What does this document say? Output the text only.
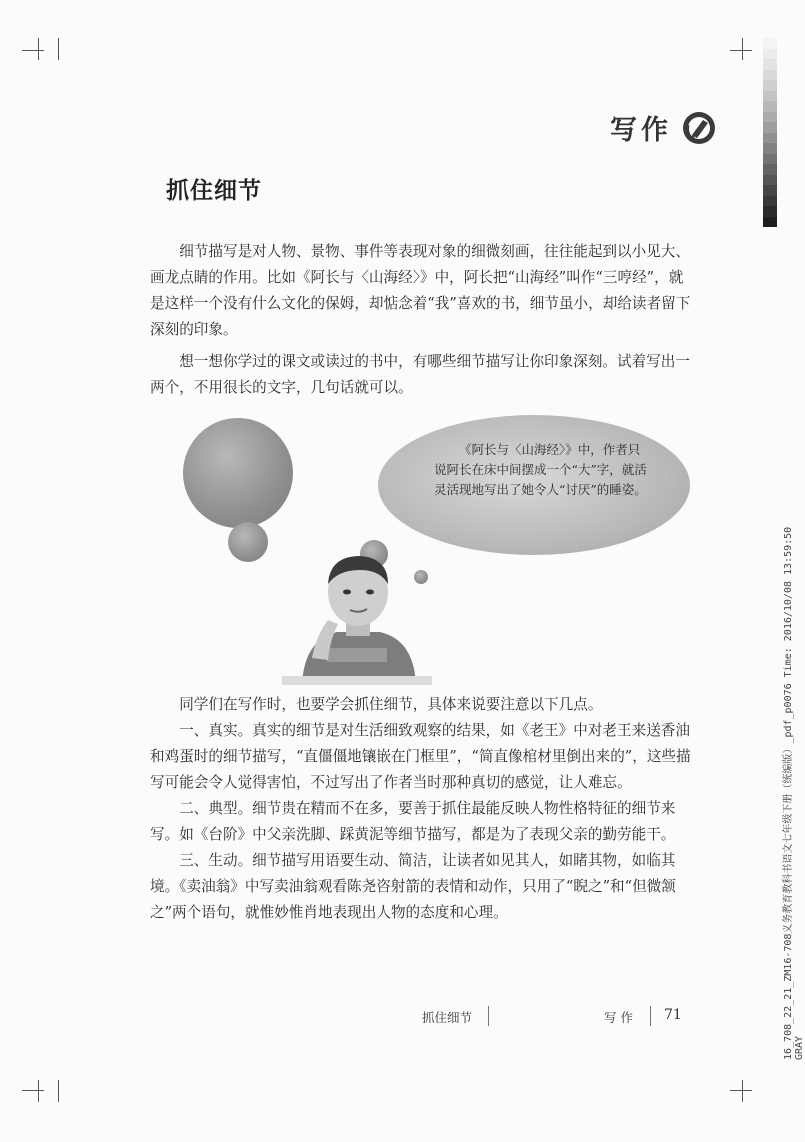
写作
抓住细节

细节描写是对人物、景物、事件等表现对象的细微刻画，往往能起到以小见大、画龙点睛的作用。比如《阿长与〈山海经〉》中，阿长把“山海经”叫作“三哼经”，就是这样一个没有什么文化的保姆，却惦念着“我”喜欢的书，细节虽小，却给读者留下深刻的印象。

想一想你学过的课文或读过的书中，有哪些细节描写让你印象深刻。试着写出一两个，不用很长的文字，几句话就可以。

《阿长与〈山海经〉》中，作者只说阿长在床中间摆成一个“大”字，就活灵活现地写出了她令人“讨厌”的睡姿。

同学们在写作时，也要学会抓住细节，具体来说要注意以下几点。

一、真实。真实的细节是对生活细致观察的结果，如《老王》中对老王来送香油和鸡蛋时的细节描写，“直僵僵地镶嵌在门框里”，“简直像棺材里倒出来的”，这些描写可能会令人觉得害怕，不过写出了作者当时那种真切的感觉，让人难忘。

二、典型。细节贵在精而不在多，要善于抓住最能反映人物性格特征的细节来写。如《台阶》中父亲洗脚、踩黄泥等细节描写，都是为了表现父亲的勤劳能干。

三、生动。细节描写用语要生动、简洁，让读者如见其人，如睹其物，如临其境。《卖油翁》中写卖油翁观看陈尧咨射箭的表情和动作，只用了“睨之”和“但微颔之”两个语句，就惟妙惟肖地表现出人物的态度和心理。

抓住细节	写作 71	16_708_22_21_ZM16-708义务教育教科书语文七年级下册（统编版）_pdf_p0076 Time: 2016/10/08 13:59:50 GRAY
